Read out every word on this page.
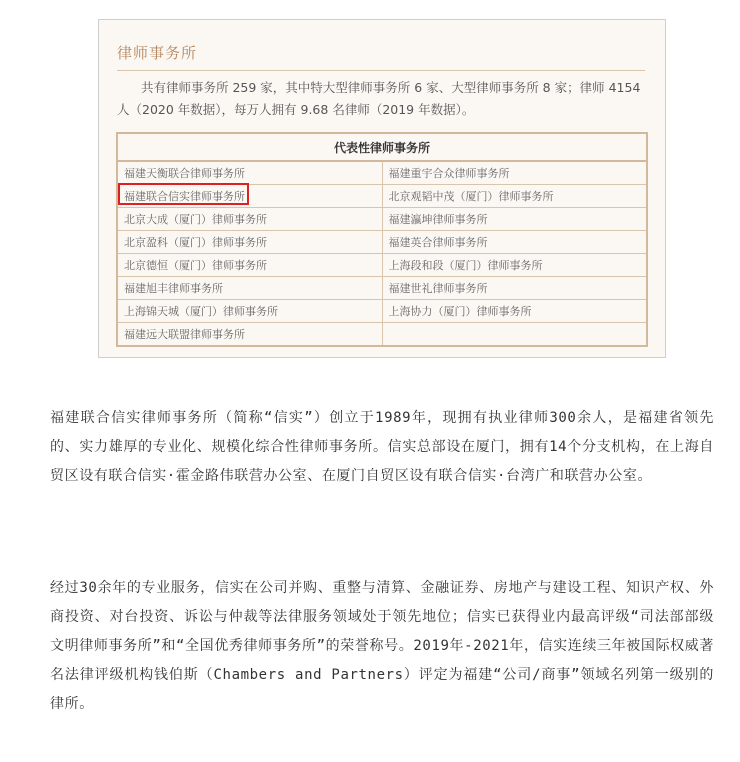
律师事务所
共有律师事务所 259 家，其中特大型律师事务所 6 家、大型律师事务所 8 家；律师 4154 人（2020 年数据），每万人拥有 9.68 名律师（2019 年数据）。
代表性律师事务所	
福建天衡联合律师事务所	福建重宇合众律师事务所
福建联合信实律师事务所	北京观韬中茂（厦门）律师事务所
北京大成（厦门）律师事务所	福建瀛坤律师事务所
北京盈科（厦门）律师事务所	福建英合律师事务所
北京德恒（厦门）律师事务所	上海段和段（厦门）律师事务所
福建旭丰律师事务所	福建世礼律师事务所
上海锦天城（厦门）律师事务所	上海协力（厦门）律师事务所
福建远大联盟律师事务所	
福建联合信实律师事务所（简称“信实”）创立于1989年，现拥有执业律师300余人，是福建省领先的、实力雄厚的专业化、规模化综合性律师事务所。信实总部设在厦门，拥有14个分支机构，在上海自贸区设有联合信实·霍金路伟联营办公室、在厦门自贸区设有联合信实·台湾广和联营办公室。
经过30余年的专业服务，信实在公司并购、重整与清算、金融证券、房地产与建设工程、知识产权、外商投资、对台投资、诉讼与仲裁等法律服务领域处于领先地位；信实已获得业内最高评级“司法部部级文明律师事务所”和“全国优秀律师事务所”的荣誉称号。2019年-2021年，信实连续三年被国际权威著名法律评级机构钱伯斯（Chambers and Partners）评定为福建“公司/商事”领域名列第一级别的律所。
